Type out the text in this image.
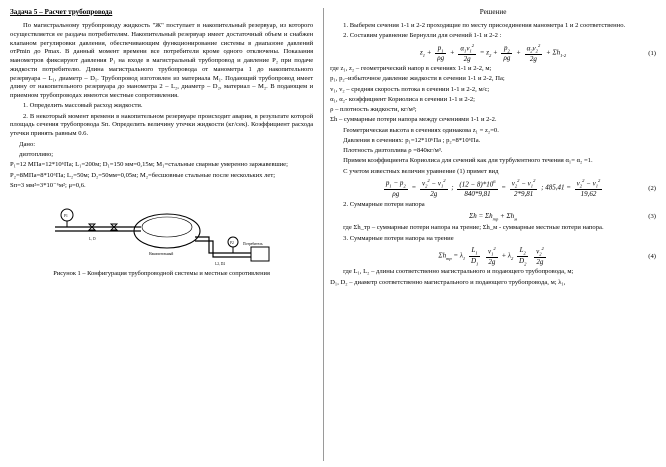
Задача 5 – Расчет трубопровода

По магистральному трубопроводу жидкость "Ж" поступает в накопительный резервуар, из которого осуществляется ее раздача потребителям. Накопительный резервуар имеет достаточный объем и снабжен клапаном регулировки давления, обеспечивающим функционирование системы в диапазоне давлений отPmin до Pmax. В данный момент времени все потребители кроме одного отключены. Показания манометров фиксируют давления P₁ на входе в магистральный трубопровод и давление P₂ при подаче жидкости потребителю. Длина магистрального трубопровода от манометра 1 до накопительного резервуара – L₁, диаметр – D₁. Трубопровод изготовлен из материала M₁. Подающий трубопровод имеет длину от накопительного резервуара до манометра 2 – L₂, диаметр – D₂, материал – M₂. В подающем и приемном трубопроводах имеются местные сопротивления.

1. Определить массовый расход жидкости.

2. В некоторый момент времени в накопительном резервуаре происходит авария, в результате которой площадь сечения трубопровода Sп. Определить величину утечки жидкости (кг/сек). Коэффициент расхода утечки принять равным 0.6.

Дано:

дизтопливо;

P₁=12 МПа=12*10⁶Па; L₁=200м; D₁=150 мм=0,15м; M₁=стальные сварные умеренно заржавевшие;

P₂=8МПа=8*10⁶Па; L₂=50м; D₂=50мм=0,05м; M₂=бесшовные стальные после нескольких лет;

Sп=3 мм²=3*10⁻⁶м²; μ=0,6.

P1
P2
L, D
L2, D2
Накопительный
Потребитель
Рисунок 1 – Конфигурация трубопроводной системы и местные сопротивления
Решение

1. Выберем сечения 1-1 и 2-2 проходящие по месту присоединения манометра 1 и 2 соответственно.

2. Составим уравнение Бернулли для сечений 1-1 и 2-2 :

$z_1 + \frac{p_1}{\rho g} + \frac{\alpha_1v_1^2}{2g} = z_2 + \frac{p_2}{\rho g} + \frac{\alpha_2v_2^2}{2g} + \Sigma h_{1-2}$	(1)

где z₁, z₂ – геометрический напор в сечениях 1-1 и 2-2, м;

p₁, p₂–избыточное давление жидкости в сечении 1-1 и 2-2, Па;

v₁, v₂ – средняя скорость потока в сечении 1-1 и 2-2, м/с;

α₁, α₂- коэффициент Кориолиса в сечении 1-1 и 2-2;

ρ – плотность жидкости, кг/м³;

Σh – суммарные потери напора между сечениями 1-1 и 2-2.

Геометрическая высота в сечениях одинакова z₁ = z₂=0.

Давления в сечениях: p₁=12*10⁶Па ; p₂=8*10⁶Па.

Плотность дизтоплива ρ =840кг/м³.

Примем коэффициента Кориолиса для сечений как для турбулентного течения α₁= α₂ =1.

С учетом известных величин уравнение (1) примет вид

$\frac{p_1 - p_2}{\rho g} = \frac{v_2^2 - v_1^2}{2g}$ ; $\frac{(12 - 8)*10^6}{840*9,81} = \frac{v_2^2 - v_1^2}{2*9,81}$ ; $485,41 = \frac{v_2^2 - v_1^2}{19,62}$	(2)

2. Суммарные потери напора

$\Sigma h = \Sigma h_{тр} + \Sigma h_м$	(3)

где Σh_тр – суммарные потери напора на трение; Σh_м - суммарные местные потери напора.

3. Суммарные потери напора на трение

$\Sigma h_{тр} = \lambda_1 \frac{L_1}{D_1}$
$\frac{v_1^2}{2g} + \lambda_2 \frac{L_2}{D_2}$
$\frac{v_2^2}{2g}$	(4)

где L₁, L₂ – длины соответственно магистрального и подающего трубопровода, м;

D₁, D₂ – диаметр соответственно магистрального и подающего трубопровода, м; λ₁,
